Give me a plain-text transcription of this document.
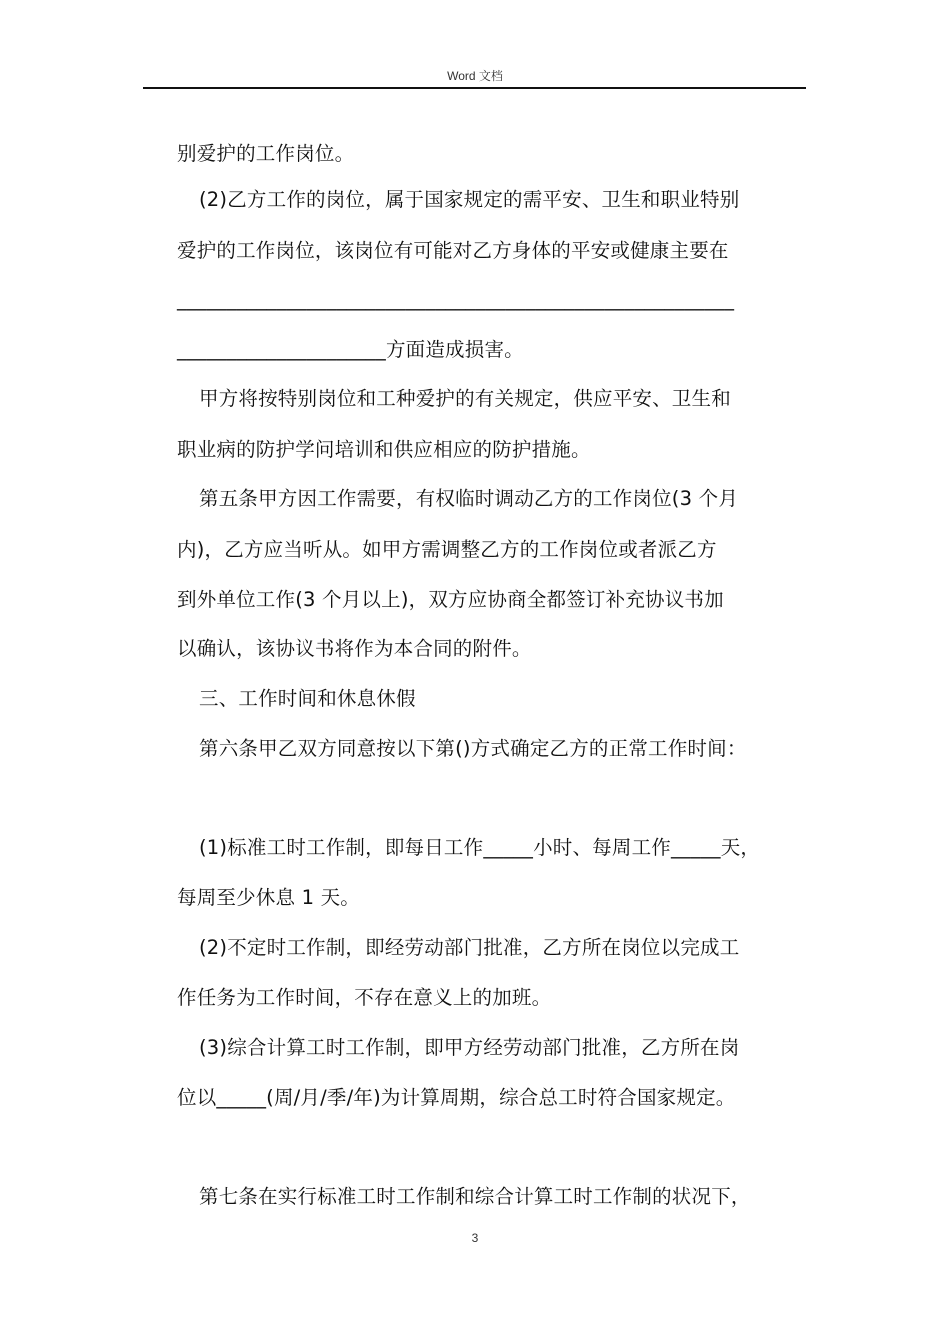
Word 文档
别爱护的工作岗位。
(2)乙方工作的岗位，属于国家规定的需平安、卫生和职业特别
爱护的工作岗位，该岗位有可能对乙方身体的平安或健康主要在
________________________________________________________
_____________________方面造成损害。
甲方将按特别岗位和工种爱护的有关规定，供应平安、卫生和
职业病的防护学问培训和供应相应的防护措施。
第五条甲方因工作需要，有权临时调动乙方的工作岗位(3 个月
内)，乙方应当听从。如甲方需调整乙方的工作岗位或者派乙方
到外单位工作(3 个月以上)，双方应协商全都签订补充协议书加
以确认，该协议书将作为本合同的附件。
三、工作时间和休息休假
第六条甲乙双方同意按以下第()方式确定乙方的正常工作时间：
(1)标准工时工作制，即每日工作_____小时、每周工作_____天，
每周至少休息 1 天。
(2)不定时工作制，即经劳动部门批准，乙方所在岗位以完成工
作任务为工作时间，不存在意义上的加班。
(3)综合计算工时工作制，即甲方经劳动部门批准，乙方所在岗
位以_____(周/月/季/年)为计算周期，综合总工时符合国家规定。
第七条在实行标准工时工作制和综合计算工时工作制的状况下，
3
